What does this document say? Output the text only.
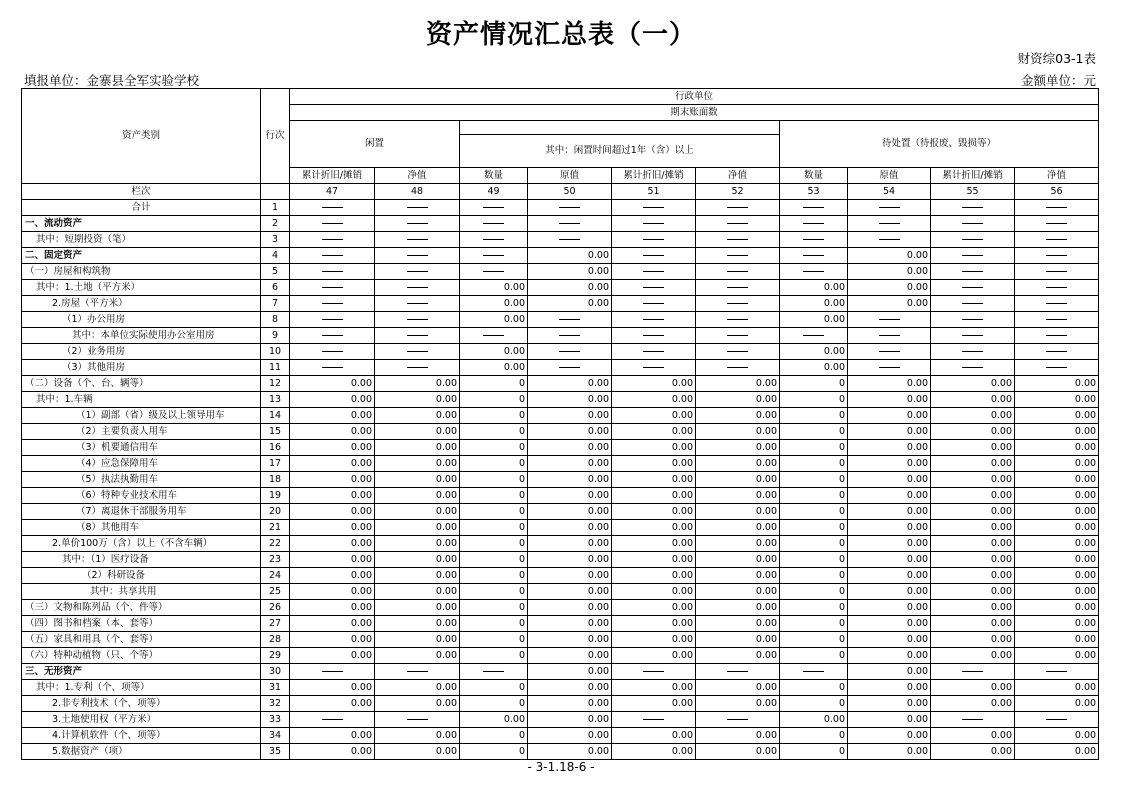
资产情况汇总表（一）
财资综03-1表
填报单位：金寨县全军实验学校	金额单位：元
资产类别	行次	行政单位									
		期末账面数									
		闲置						待处置（待报废、毁损等）			
				其中：闲置时间超过1年（含）以上							

		累计折旧/摊销	净值	数量	原值	累计折旧/摊销	净值	数量	原值	累计折旧/摊销	净值
栏次		47	48	49	50	51	52	53	54	55	56
合计	1										
一、流动资产	2										
其中：短期投资（笔）	3										
二、固定资产	4				0.00				0.00		
（一）房屋和构筑物	5				0.00				0.00		
其中：1.土地（平方米）	6			0.00	0.00			0.00	0.00		
2.房屋（平方米）	7			0.00	0.00			0.00	0.00		
（1）办公用房	8			0.00				0.00			
其中：本单位实际使用办公室用房	9										
（2）业务用房	10			0.00				0.00			
（3）其他用房	11			0.00				0.00			
（二）设备（个、台、辆等）	12	0.00	0.00	0	0.00	0.00	0.00	0	0.00	0.00	0.00
其中：1.车辆	13	0.00	0.00	0	0.00	0.00	0.00	0	0.00	0.00	0.00
（1）副部（省）级及以上领导用车	14	0.00	0.00	0	0.00	0.00	0.00	0	0.00	0.00	0.00
（2）主要负责人用车	15	0.00	0.00	0	0.00	0.00	0.00	0	0.00	0.00	0.00
（3）机要通信用车	16	0.00	0.00	0	0.00	0.00	0.00	0	0.00	0.00	0.00
（4）应急保障用车	17	0.00	0.00	0	0.00	0.00	0.00	0	0.00	0.00	0.00
（5）执法执勤用车	18	0.00	0.00	0	0.00	0.00	0.00	0	0.00	0.00	0.00
（6）特种专业技术用车	19	0.00	0.00	0	0.00	0.00	0.00	0	0.00	0.00	0.00
（7）离退休干部服务用车	20	0.00	0.00	0	0.00	0.00	0.00	0	0.00	0.00	0.00
（8）其他用车	21	0.00	0.00	0	0.00	0.00	0.00	0	0.00	0.00	0.00
2.单价100万（含）以上（不含车辆）	22	0.00	0.00	0	0.00	0.00	0.00	0	0.00	0.00	0.00
其中：（1）医疗设备	23	0.00	0.00	0	0.00	0.00	0.00	0	0.00	0.00	0.00
（2）科研设备	24	0.00	0.00	0	0.00	0.00	0.00	0	0.00	0.00	0.00
其中：共享共用	25	0.00	0.00	0	0.00	0.00	0.00	0	0.00	0.00	0.00
（三）文物和陈列品（个、件等）	26	0.00	0.00	0	0.00	0.00	0.00	0	0.00	0.00	0.00
（四）图书和档案（本、套等）	27	0.00	0.00	0	0.00	0.00	0.00	0	0.00	0.00	0.00
（五）家具和用具（个、套等）	28	0.00	0.00	0	0.00	0.00	0.00	0	0.00	0.00	0.00
（六）特种动植物（只、个等）	29	0.00	0.00	0	0.00	0.00	0.00	0	0.00	0.00	0.00
三、无形资产	30				0.00				0.00		
其中：1.专利（个、项等）	31	0.00	0.00	0	0.00	0.00	0.00	0	0.00	0.00	0.00
2.非专利技术（个、项等）	32	0.00	0.00	0	0.00	0.00	0.00	0	0.00	0.00	0.00
3.土地使用权（平方米）	33			0.00	0.00			0.00	0.00		
4.计算机软件（个、项等）	34	0.00	0.00	0	0.00	0.00	0.00	0	0.00	0.00	0.00
5.数据资产（项）	35	0.00	0.00	0	0.00	0.00	0.00	0	0.00	0.00	0.00
- 3-1.18-6 -
